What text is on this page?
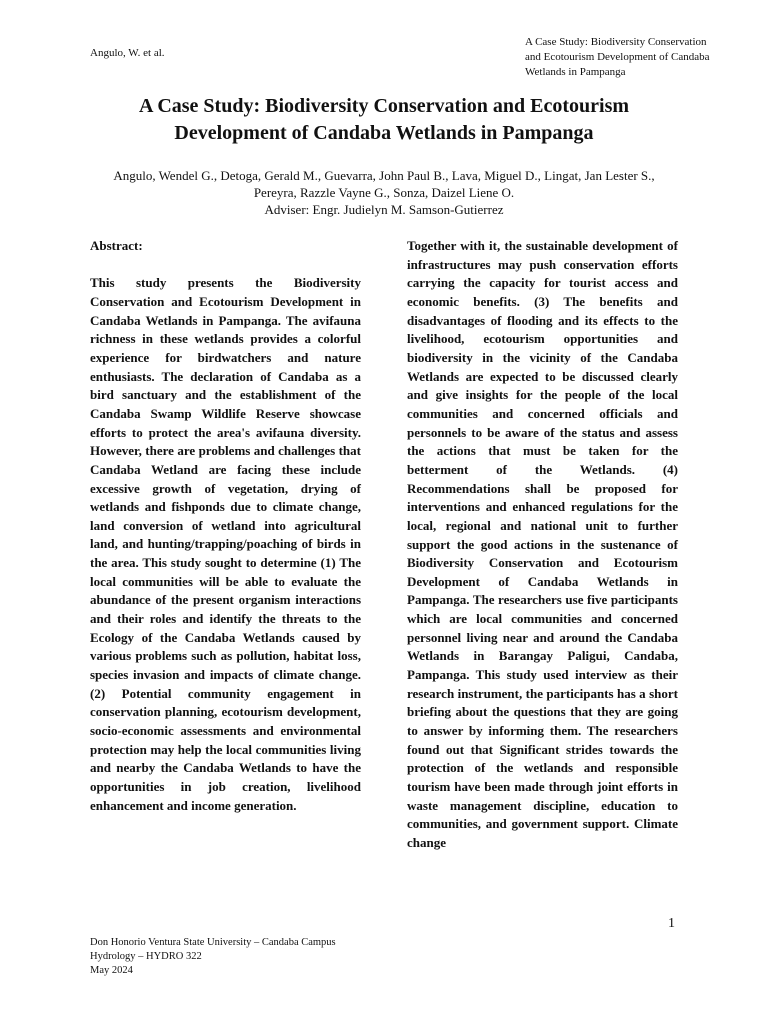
Angulo, W. et al.
A Case Study: Biodiversity Conservation
and Ecotourism Development of Candaba
Wetlands in Pampanga
A Case Study: Biodiversity Conservation and Ecotourism
Development of Candaba Wetlands in Pampanga
Angulo, Wendel G., Detoga, Gerald M., Guevarra, John Paul B., Lava, Miguel D., Lingat, Jan Lester S.,
Pereyra, Razzle Vayne G., Sonza, Daizel Liene O.
Adviser: Engr. Judielyn M. Samson-Gutierrez
Abstract:
This study presents the Biodiversity Conservation and Ecotourism Development in Candaba Wetlands in Pampanga. The avifauna richness in these wetlands provides a colorful experience for birdwatchers and nature enthusiasts. The declaration of Candaba as a bird sanctuary and the establishment of the Candaba Swamp Wildlife Reserve showcase efforts to protect the area's avifauna diversity. However, there are problems and challenges that Candaba Wetland are facing these include excessive growth of vegetation, drying of wetlands and fishponds due to climate change, land conversion of wetland into agricultural land, and hunting/trapping/poaching of birds in the area. This study sought to determine (1) The local communities will be able to evaluate the abundance of the present organism interactions and their roles and identify the threats to the Ecology of the Candaba Wetlands caused by various problems such as pollution, habitat loss, species invasion and impacts of climate change. (2) Potential community engagement in conservation planning, ecotourism development, socio-economic assessments and environmental protection may help the local communities living and nearby the Candaba Wetlands to have the opportunities in job creation, livelihood enhancement and income generation.
Together with it, the sustainable development of infrastructures may push conservation efforts carrying the capacity for tourist access and economic benefits. (3) The benefits and disadvantages of flooding and its effects to the livelihood, ecotourism opportunities and biodiversity in the vicinity of the Candaba Wetlands are expected to be discussed clearly and give insights for the people of the local communities and concerned officials and personnels to be aware of the status and assess the actions that must be taken for the betterment of the Wetlands. (4) Recommendations shall be proposed for interventions and enhanced regulations for the local, regional and national unit to further support the good actions in the sustenance of Biodiversity Conservation and Ecotourism Development of Candaba Wetlands in Pampanga. The researchers use five participants which are local communities and concerned personnel living near and around the Candaba Wetlands in Barangay Paligui, Candaba, Pampanga. This study used interview as their research instrument, the participants has a short briefing about the questions that they are going to answer by informing them. The researchers found out that Significant strides towards the protection of the wetlands and responsible tourism have been made through joint efforts in waste management discipline, education to communities, and government support. Climate change
1
Don Honorio Ventura State University – Candaba Campus
Hydrology – HYDRO 322
May 2024
